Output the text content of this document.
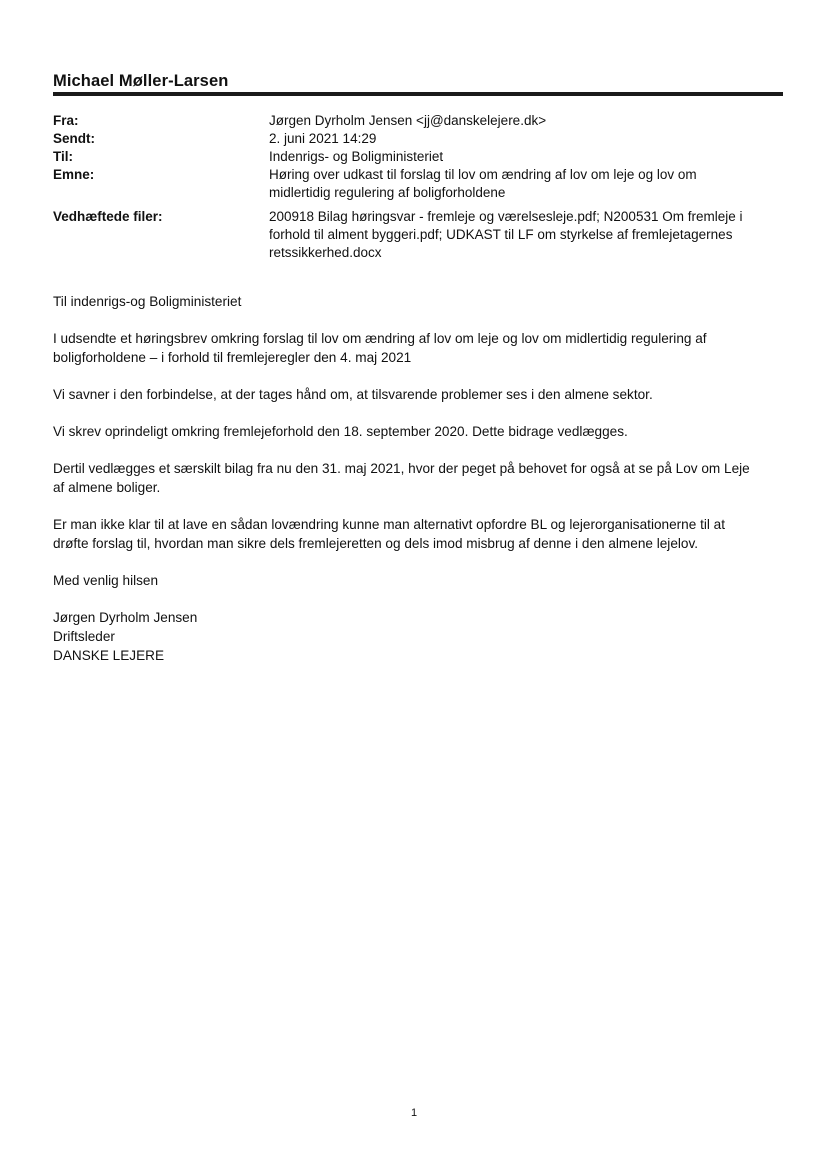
Michael Møller-Larsen
Fra:	Jørgen Dyrholm Jensen <jj@danskelejere.dk>
Sendt:	2. juni 2021 14:29
Til:	Indenrigs- og Boligministeriet
Emne:	Høring over udkast til forslag til lov om ændring af lov om leje og lov om
midlertidig regulering af boligforholdene
Vedhæftede filer:	200918 Bilag høringsvar - fremleje og værelsesleje.pdf; N200531 Om fremleje i
forhold til alment byggeri.pdf; UDKAST til LF om styrkelse af fremlejetagernes
retssikkerhed.docx

Til indenrigs-og Boligministeriet

I udsendte et høringsbrev omkring forslag til lov om ændring af lov om leje og lov om midlertidig regulering af
boligforholdene – i forhold til fremlejeregler den 4. maj 2021

Vi savner i den forbindelse, at der tages hånd om, at tilsvarende problemer ses i den almene sektor.

Vi skrev oprindeligt omkring fremlejeforhold den 18. september 2020. Dette bidrage vedlægges.

Dertil vedlægges et særskilt bilag fra nu den 31. maj 2021, hvor der peget på behovet for også at se på Lov om Leje
af almene boliger.

Er man ikke klar til at lave en sådan lovændring kunne man alternativt opfordre BL og lejerorganisationerne til at
drøfte forslag til, hvordan man sikre dels fremlejeretten og dels imod misbrug af denne i den almene lejelov.

Med venlig hilsen

Jørgen Dyrholm Jensen
Driftsleder
DANSKE LEJERE

1
